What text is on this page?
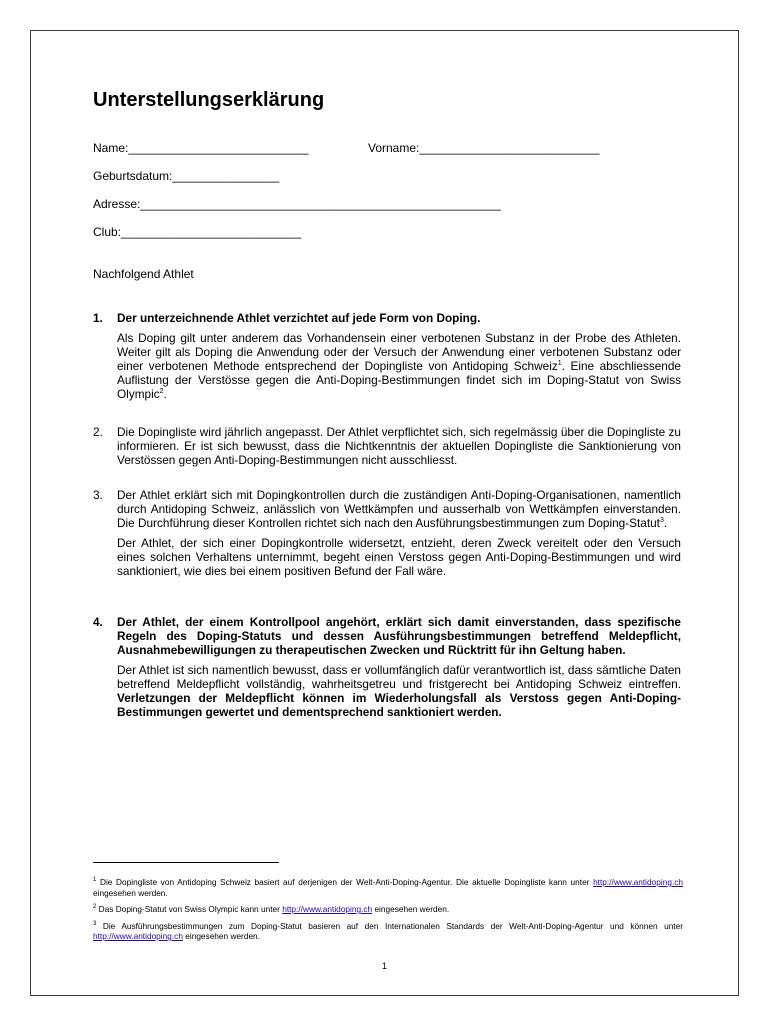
Unterstellungserklärung
Name:___________________________	Vorname:___________________________
Geburtsdatum:________________
Adresse:______________________________________________________
Club:___________________________
Nachfolgend Athlet
1.	Der unterzeichnende Athlet verzichtet auf jede Form von Doping.

Als Doping gilt unter anderem das Vorhandensein einer verbotenen Substanz in der Probe des Athleten. Weiter gilt als Doping die Anwendung oder der Versuch der Anwendung einer verbotenen Substanz oder einer verbotenen Methode entsprechend der Dopingliste von Antidoping Schweiz$^1$. Eine abschliessende Auflistung der Verstösse gegen die Anti-Doping-Bestimmungen findet sich im Doping-Statut von Swiss Olympic$^2$.

2.	Die Dopingliste wird jährlich angepasst. Der Athlet verpflichtet sich, sich regelmässig über die Dopingliste zu informieren. Er ist sich bewusst, dass die Nichtkenntnis der aktuellen Dopingliste die Sanktionierung von Verstössen gegen Anti-Doping-Bestimmungen nicht ausschliesst.

3.	Der Athlet erklärt sich mit Dopingkontrollen durch die zuständigen Anti-Doping-Organisationen, namentlich durch Antidoping Schweiz, anlässlich von Wettkämpfen und ausserhalb von Wettkämpfen einverstanden. Die Durchführung dieser Kontrollen richtet sich nach den Ausführungsbestimmungen zum Doping-Statut$^3$.

Der Athlet, der sich einer Dopingkontrolle widersetzt, entzieht, deren Zweck vereitelt oder den Versuch eines solchen Verhaltens unternimmt, begeht einen Verstoss gegen Anti-Doping-Bestimmungen und wird sanktioniert, wie dies bei einem positiven Befund der Fall wäre.

4.	Der Athlet, der einem Kontrollpool angehört, erklärt sich damit einverstanden, dass spezifische Regeln des Doping-Statuts und dessen Ausführungsbestimmungen betreffend Meldepflicht, Ausnahmebewilligungen zu therapeutischen Zwecken und Rücktritt für ihn Geltung haben.

Der Athlet ist sich namentlich bewusst, dass er vollumfänglich dafür verantwortlich ist, dass sämtliche Daten betreffend Meldepflicht vollständig, wahrheitsgetreu und fristgerecht bei Antidoping Schweiz eintreffen. Verletzungen der Meldepflicht können im Wiederholungsfall als Verstoss gegen Anti-Doping-Bestimmungen gewertet und dementsprechend sanktioniert werden.

$^1$ Die Dopingliste von Antidoping Schweiz basiert auf derjenigen der Welt-Anti-Doping-Agentur. Die aktuelle Dopingliste kann unter http://www.antidoping.ch eingesehen werden.

$^2$ Das Doping-Statut von Swiss Olympic kann unter http://www.antidoping.ch eingesehen werden.

$^3$ Die Ausführungsbestimmungen zum Doping-Statut basieren auf den Internationalen Standards der Welt-Anti-Doping-Agentur und können unter http://www.antidoping.ch eingesehen werden.

1
